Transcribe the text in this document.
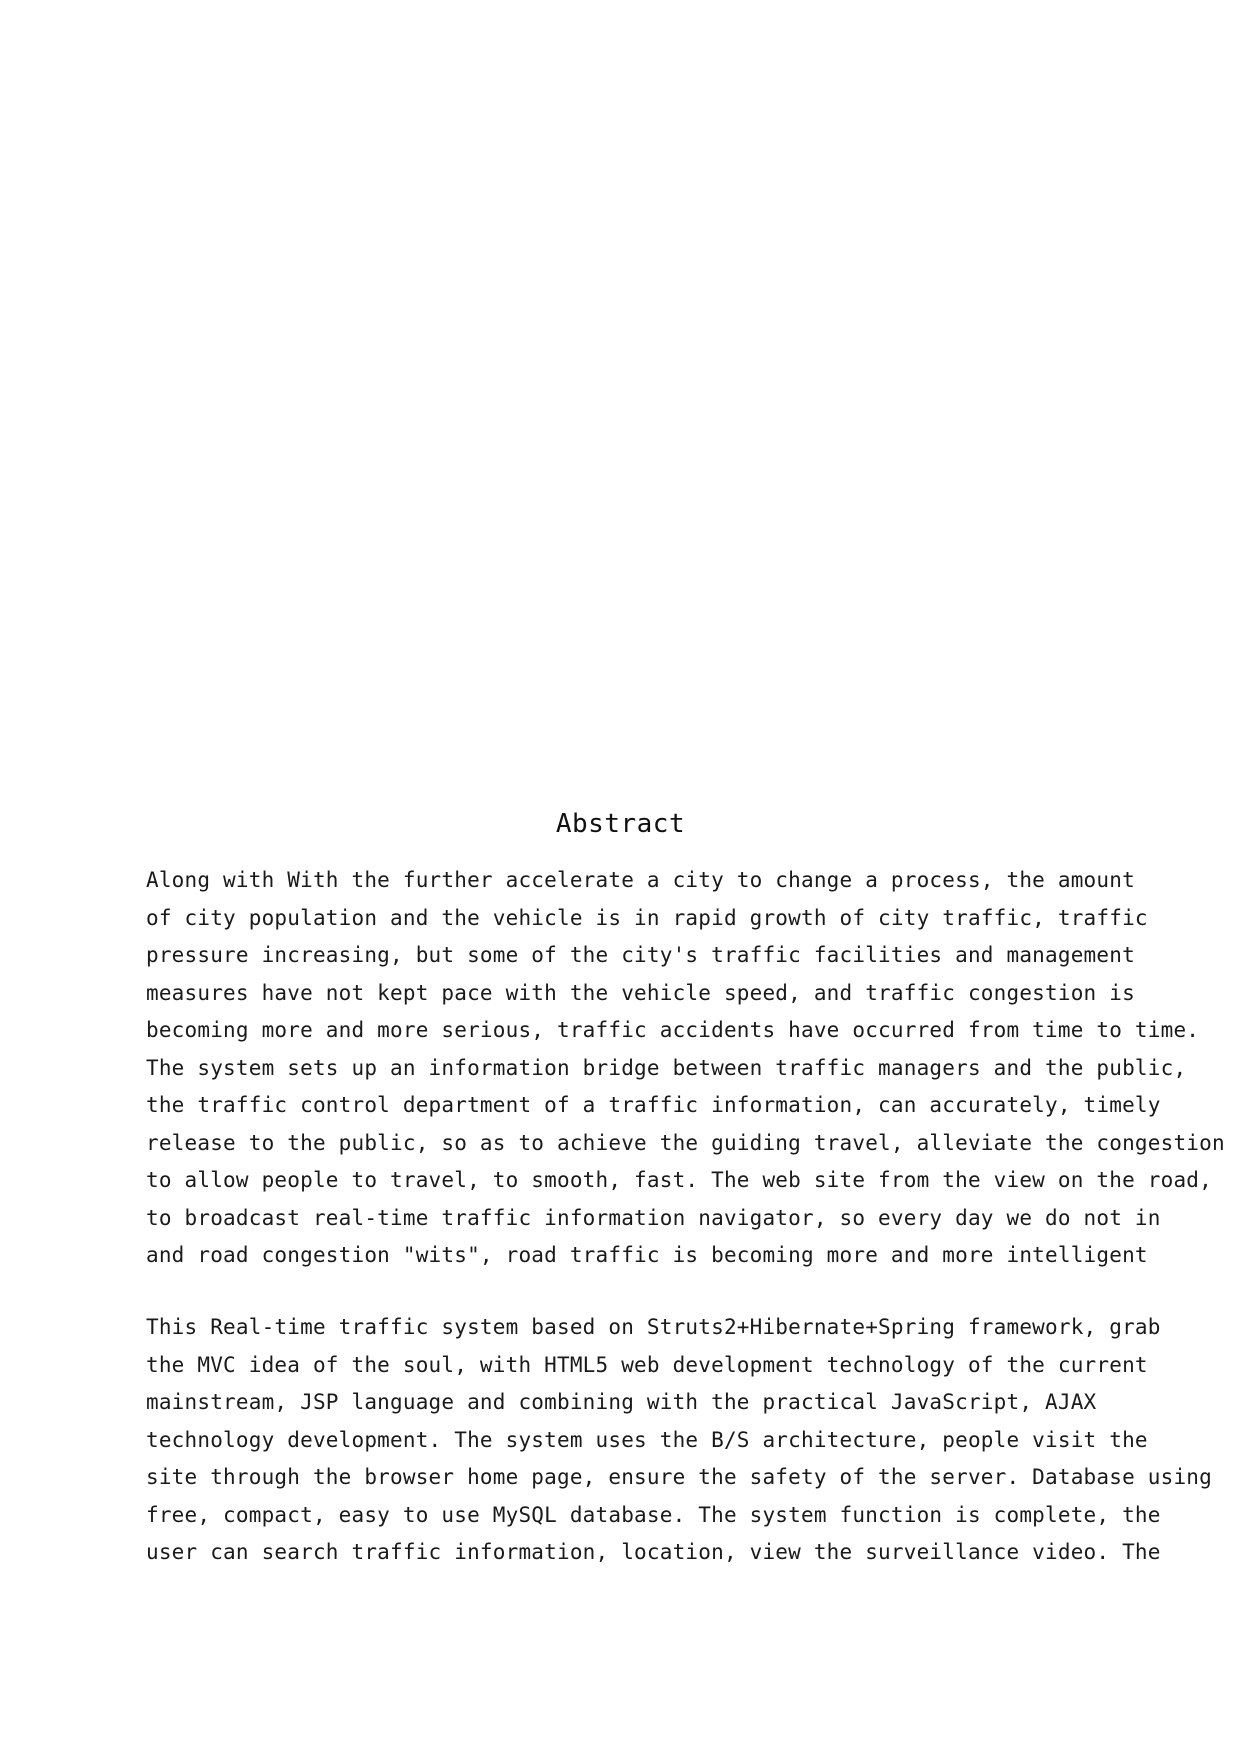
Abstract
Along with With the further accelerate a city to change a process, the amount
of city population and the vehicle is in rapid growth of city traffic, traffic
pressure increasing, but some of the city's traffic facilities and management
measures have not kept pace with the vehicle speed, and traffic congestion is
becoming more and more serious, traffic accidents have occurred from time to time.
The system sets up an information bridge between traffic managers and the public,
the traffic control department of a traffic information, can accurately, timely
release to the public, so as to achieve the guiding travel, alleviate the congestion
to allow people to travel, to smooth, fast. The web site from the view on the road,
to broadcast real-time traffic information navigator, so every day we do not in
and road congestion "wits", road traffic is becoming more and more intelligent
This Real-time traffic system based on Struts2+Hibernate+Spring framework, grab
the MVC idea of the soul, with HTML5 web development technology of the current
mainstream, JSP language and combining with the practical JavaScript, AJAX
technology development. The system uses the B/S architecture, people visit the
site through the browser home page, ensure the safety of the server. Database using
free, compact, easy to use MySQL database. The system function is complete, the
user can search traffic information, location, view the surveillance video. The
